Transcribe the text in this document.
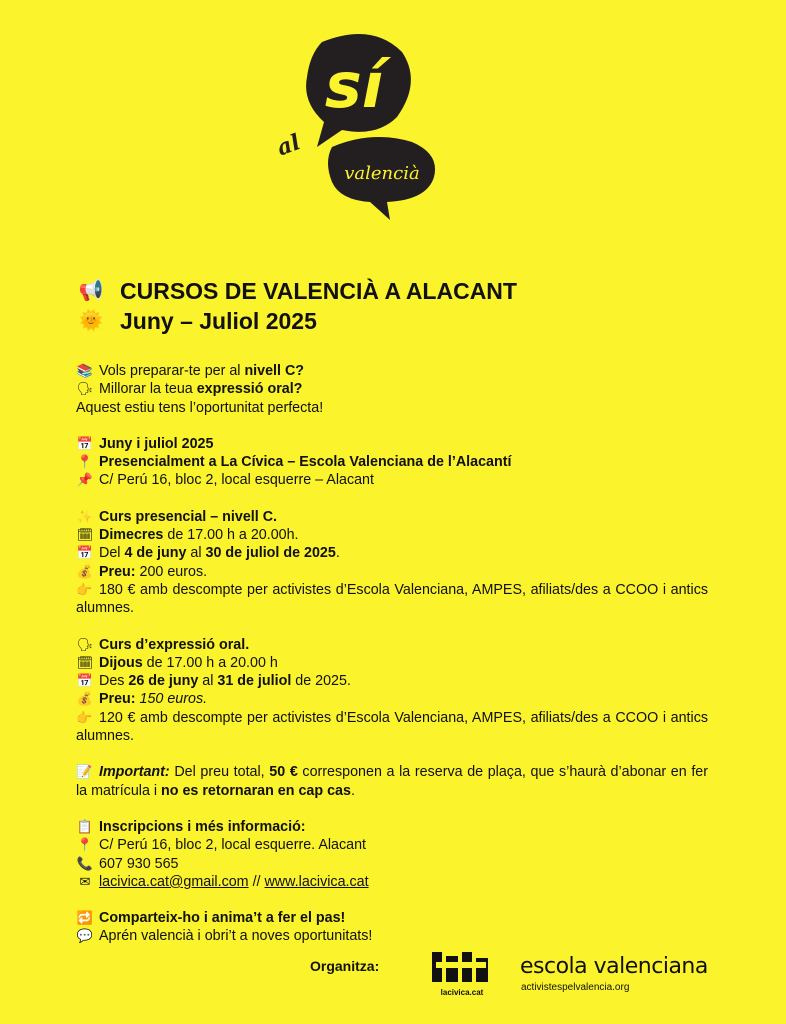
sí
valencià
al
📢 CURSOS DE VALENCIÀ A ALACANT
🌞 Juny – Juliol 2025
📚 Vols preparar-te per al nivell C?
🗣 Millorar la teua expressió oral?
Aquest estiu tens l’oportunitat perfecta!
📅 Juny i juliol 2025
📍 Presencialment a La Cívica – Escola Valenciana de l’Alacantí
📌 C/ Perú 16, bloc 2, local esquerre – Alacant
✨ Curs presencial – nivell C.
🗓 Dimecres de 17.00 h a 20.00h.
📅 Del 4 de juny al 30 de juliol de 2025.
💰 Preu: 200 euros.
👉 180 € amb descompte per activistes d’Escola Valenciana, AMPES, afiliats/des a CCOO i antics alumnes.
🗣 Curs d’expressió oral.
🗓 Dijous de 17.00 h a 20.00 h
📅 Des 26 de juny al 31 de juliol de 2025.
💰 Preu: 150 euros.
👉 120 € amb descompte per activistes d’Escola Valenciana, AMPES, afiliats/des a CCOO i antics alumnes.
📝 Important: Del preu total, 50 € corresponen a la reserva de plaça, que s’haurà d’abonar en fer la matrícula i no es retornaran en cap cas.
📋 Inscripcions i més informació:
📍 C/ Perú 16, bloc 2, local esquerre. Alacant
📞 607 930 565
✉ lacivica.cat@gmail.com // www.lacivica.cat
🔁 Comparteix-ho i anima’t a fer el pas!
💬 Aprén valencià i obri’t a noves oportunitats!
Organitza:
lacivica.cat
escola valenciana
activistespelvalencia.org
